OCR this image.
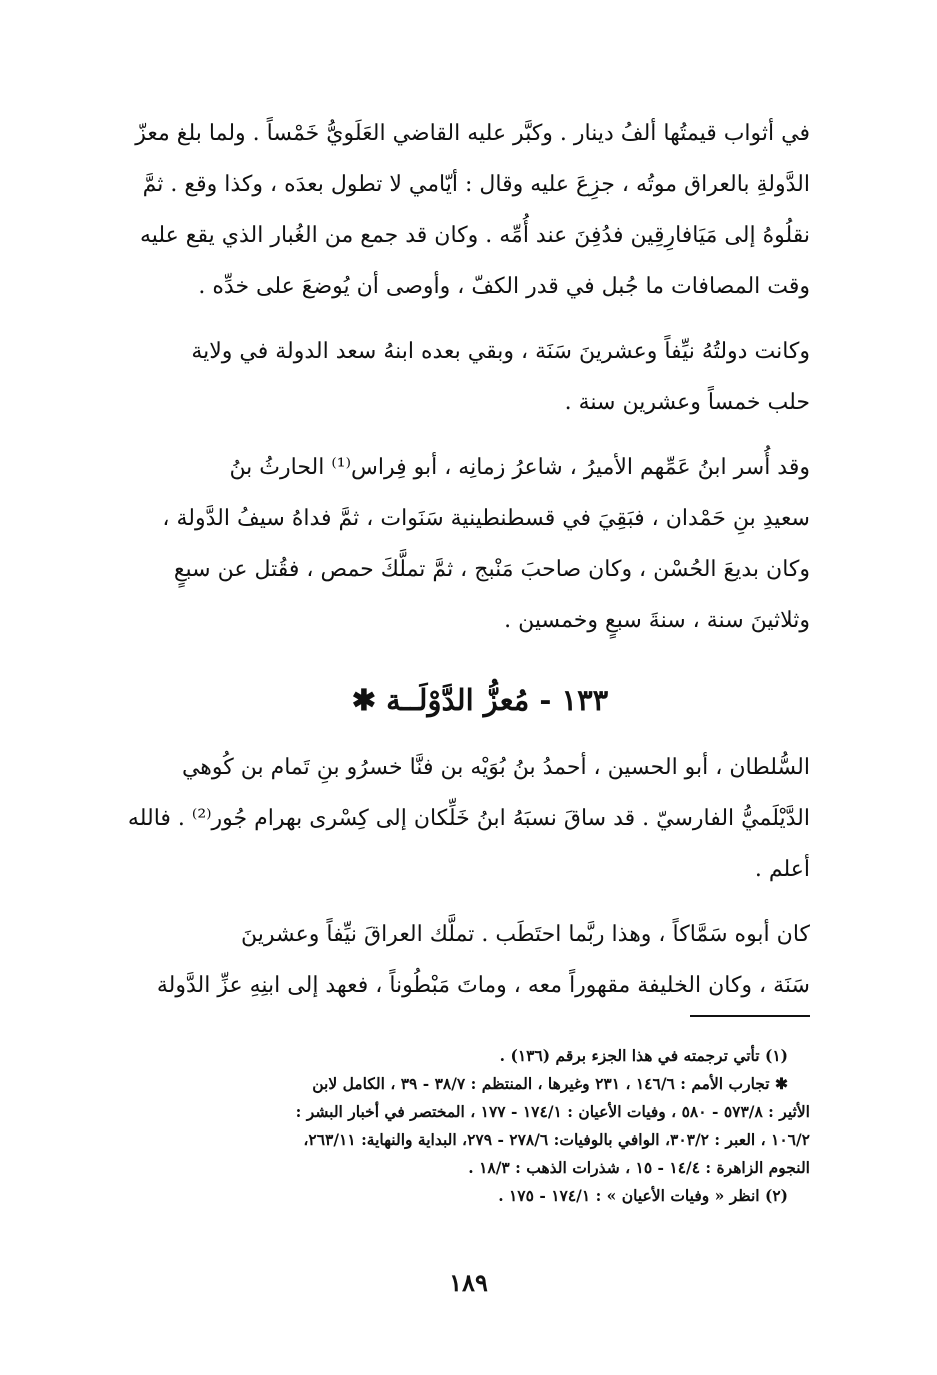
في أثواب قيمتُها ألفُ دينار . وكبَّر عليه القاضي العَلَويُّ خَمْساً . ولما بلغ معزّ
الدَّولةِ بالعراق موتُه ، جزِعَ عليه وقال : أيّامي لا تطول بعدَه ، وكذا وقع . ثمَّ
نقلُوهُ إلى مَيَافارِقِين فدُفِنَ عند أُمِّه . وكان قد جمع من الغُبار الذي يقع عليه
وقت المصافات ما جُبل في قدر الكفّ ، وأوصى أن يُوضعَ على خدِّه .

وكانت دولتُهُ نيِّفاً وعشرينَ سَنَة ، وبقي بعده ابنهُ سعد الدولة في ولاية
حلب خمساً وعشرين سنة .

وقد أُسر ابنُ عَمِّهم الأميرُ ، شاعرُ زمانِه ، أبو فِراس⁽¹⁾ الحارثُ بنُ
سعيدِ بنِ حَمْدان ، فبَقِيَ في قسطنطينية سَنَوات ، ثمَّ فداهُ سيفُ الدَّولة ،
وكان بديعَ الحُسْن ، وكان صاحبَ مَنْبج ، ثمَّ تملَّكَ حمص ، فقُتل عن سبعٍ
وثلاثينَ سنة ، سنةَ سبعٍ وخمسين .

١٣٣ - مُعزُّ الدَّوْلَــة ✱

السُّلطان ، أبو الحسين ، أحمدُ بنُ بُوَيْه بن فنَّا خسرُو بنِ تَمام بن كُوهي
الدَّيْلَميُّ الفارسيّ . قد ساقَ نسبَهُ ابنُ خَلِّكان إلى كِسْرى بهرام جُور⁽²⁾ . فالله
أعلم .

كان أبوه سَمَّاكاً ، وهذا ربَّما احتَطَب . تملَّك العراقَ نيِّفاً وعشرينَ
سَنَة ، وكان الخليفة مقهوراً معه ، وماتَ مَبْطُوناً ، فعهد إلى ابنِهِ عزِّ الدَّولة

(١) تأتي ترجمته في هذا الجزء برقم (١٣٦) .
✱ تجارب الأمم : ١٤٦/٦ ، ٢٣١ وغيرها ، المنتظم : ٣٨/٧ - ٣٩ ، الكامل لابن
الأثير : ٥٧٣/٨ - ٥٨٠ ، وفيات الأعيان : ١٧٤/١ - ١٧٧ ، المختصر في أخبار البشر :
١٠٦/٢ ، العبر : ٣٠٣/٢، الوافي بالوفيات: ٢٧٨/٦ - ٢٧٩، البداية والنهاية: ٢٦٣/١١،
النجوم الزاهرة : ١٤/٤ - ١٥ ، شذرات الذهب : ١٨/٣ .
(٢) انظر « وفيات الأعيان » : ١٧٤/١ - ١٧٥ .
١٨٩
